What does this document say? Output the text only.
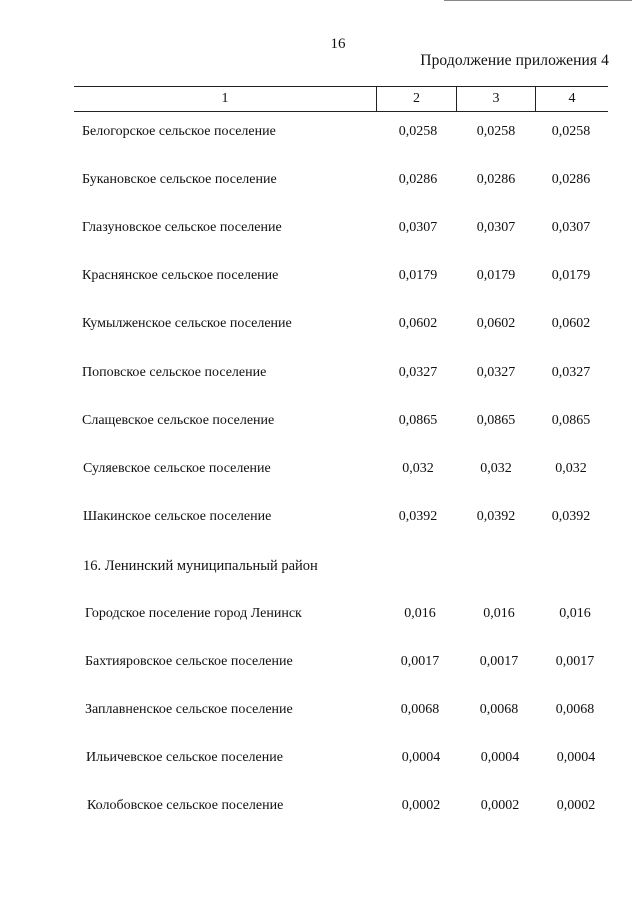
16
Продолжение приложения 4
1	2	3	4
Белогорское сельское поселение	0,0258	0,0258	0,0258
Букановское сельское поселение	0,0286	0,0286	0,0286
Глазуновское сельское поселение	0,0307	0,0307	0,0307
Краснянское сельское поселение	0,0179	0,0179	0,0179
Кумылженское сельское поселение	0,0602	0,0602	0,0602
Поповское сельское поселение	0,0327	0,0327	0,0327
Слащевское сельское поселение	0,0865	0,0865	0,0865
Суляевское сельское поселение	0,032	0,032	0,032
Шакинское сельское поселение	0,0392	0,0392	0,0392
16. Ленинский муниципальный район
Городское поселение город Ленинск	0,016	0,016	0,016
Бахтияровское сельское поселение	0,0017	0,0017	0,0017
Заплавненское сельское поселение	0,0068	0,0068	0,0068
Ильичевское сельское поселение	0,0004	0,0004	0,0004
Колобовское сельское поселение	0,0002	0,0002	0,0002
